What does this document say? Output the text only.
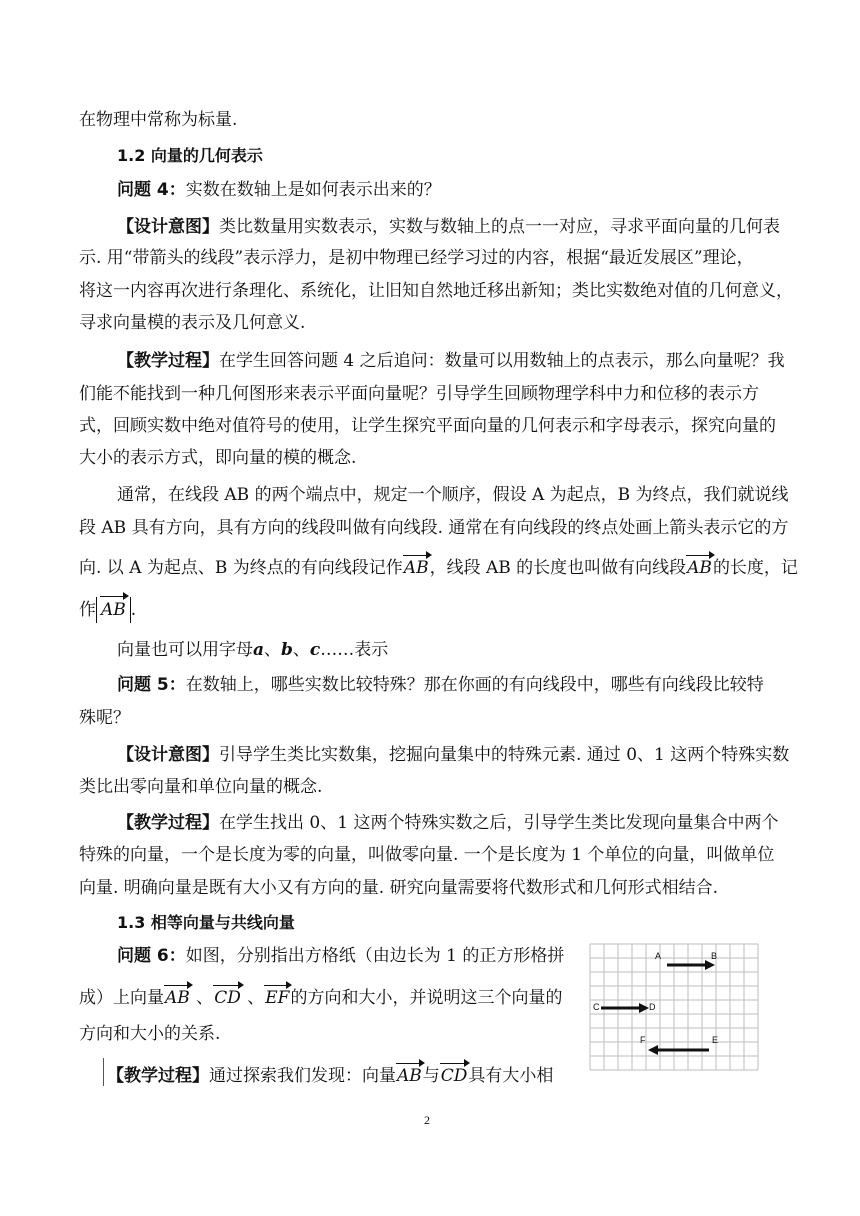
在物理中常称为标量.
1.2 向量的几何表示
问题 4：实数在数轴上是如何表示出来的？
【设计意图】类比数量用实数表示，实数与数轴上的点一一对应，寻求平面向量的几何表
示. 用“带箭头的线段”表示浮力，是初中物理已经学习过的内容，根据“最近发展区”理论，
将这一内容再次进行条理化、系统化，让旧知自然地迁移出新知；类比实数绝对值的几何意义，
寻求向量模的表示及几何意义.
【教学过程】在学生回答问题 4 之后追问：数量可以用数轴上的点表示，那么向量呢？我
们能不能找到一种几何图形来表示平面向量呢？引导学生回顾物理学科中力和位移的表示方
式，回顾实数中绝对值符号的使用，让学生探究平面向量的几何表示和字母表示，探究向量的
大小的表示方式，即向量的模的概念.
通常，在线段 AB 的两个端点中，规定一个顺序，假设 A 为起点，B 为终点，我们就说线
段 AB 具有方向，具有方向的线段叫做有向线段. 通常在有向线段的终点处画上箭头表示它的方
向. 以 A 为起点、B 为终点的有向线段记作AB，线段 AB 的长度也叫做有向线段AB的长度，记
作 AB .
向量也可以用字母a、b、c……表示
问题 5：在数轴上，哪些实数比较特殊？那在你画的有向线段中，哪些有向线段比较特
殊呢？
【设计意图】引导学生类比实数集，挖掘向量集中的特殊元素. 通过 0、1 这两个特殊实数
类比出零向量和单位向量的概念.
【教学过程】在学生找出 0、1 这两个特殊实数之后，引导学生类比发现向量集合中两个
特殊的向量，一个是长度为零的向量，叫做零向量. 一个是长度为 1 个单位的向量，叫做单位
向量. 明确向量是既有大小又有方向的量. 研究向量需要将代数形式和几何形式相结合.
1.3 相等向量与共线向量
问题 6：如图，分别指出方格纸（由边长为 1 的正方形格拼
成）上向量AB 、CD 、EF的方向和大小，并说明这三个向量的
方向和大小的关系.
【教学过程】通过探索我们发现：向量AB与CD具有大小相
A	B
C	D
E
F
2
